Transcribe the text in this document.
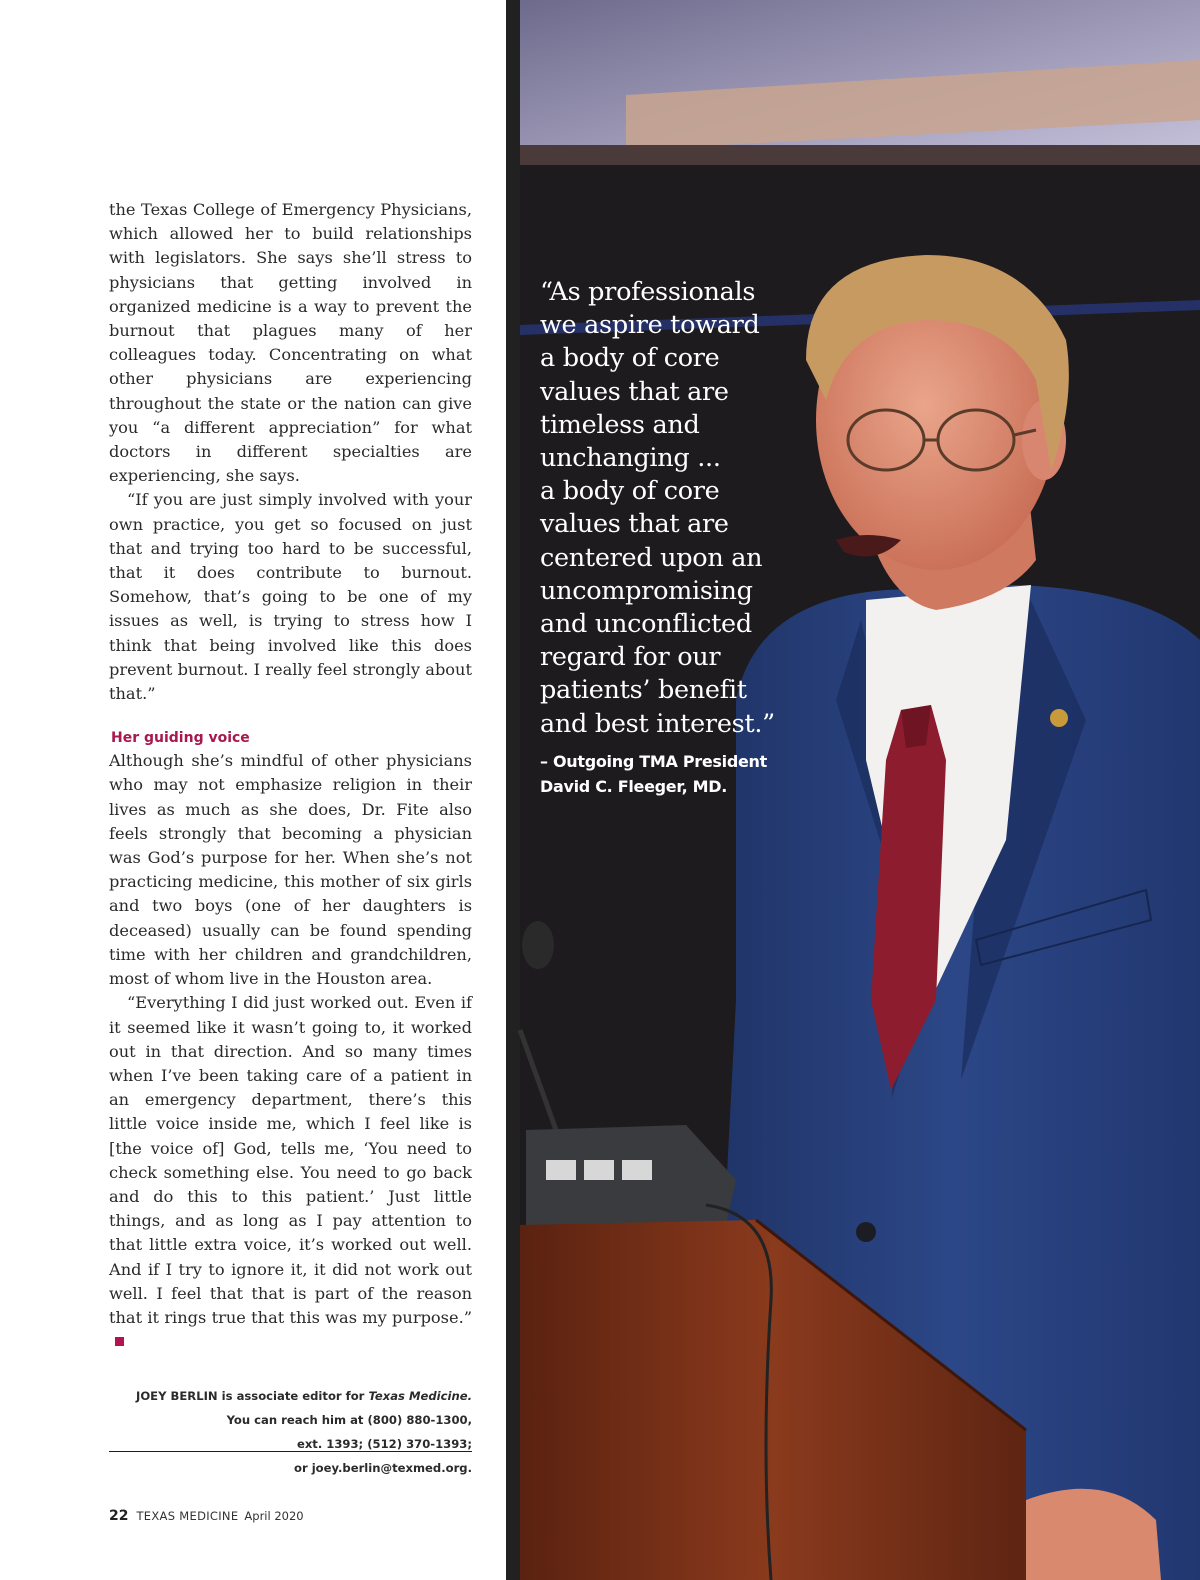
the Texas College of Emergency Physicians, which allowed her to build relationships with legislators. She says she’ll stress to physicians that getting involved in organized medicine is a way to prevent the burnout that plagues many of her colleagues today. Concentrating on what other physicians are experiencing throughout the state or the nation can give you “a different appreciation” for what doctors in different specialties are experiencing, she says.

“If you are just simply involved with your own practice, you get so focused on just that and trying too hard to be successful, that it does contribute to burnout. Somehow, that’s going to be one of my issues as well, is trying to stress how I think that being involved like this does prevent burnout. I really feel strongly about that.”

Her guiding voice

Although she’s mindful of other physicians who may not emphasize religion in their lives as much as she does, Dr. Fite also feels strongly that becoming a physician was God’s purpose for her. When she’s not practicing medicine, this mother of six girls and two boys (one of her daughters is deceased) usually can be found spending time with her children and grandchildren, most of whom live in the Houston area.

“Everything I did just worked out. Even if it seemed like it wasn’t going to, it worked out in that direction. And so many times when I’ve been taking care of a patient in an emergency department, there’s this little voice inside me, which I feel like is [the voice of] God, tells me, ‘You need to check something else. You need to go back and do this to this patient.’ Just little things, and as long as I pay attention to that little extra voice, it’s worked out well. And if I try to ignore it, it did not work out well. I feel that that is part of the reason that it rings true that this was my purpose.”

JOEY BERLIN is associate editor for Texas Medicine.
You can reach him at (800) 880-1300,
ext. 1393; (512) 370-1393;
or joey.berlin@texmed.org.
22 TEXAS MEDICINE April 2020
“As professionals
we aspire toward
a body of core
values that are
timeless and
unchanging ...
a body of core
values that are
centered upon an
uncompromising
and unconflicted
regard for our
patients’ benefit
and best interest.”
– Outgoing TMA President
David C. Fleeger, MD.
